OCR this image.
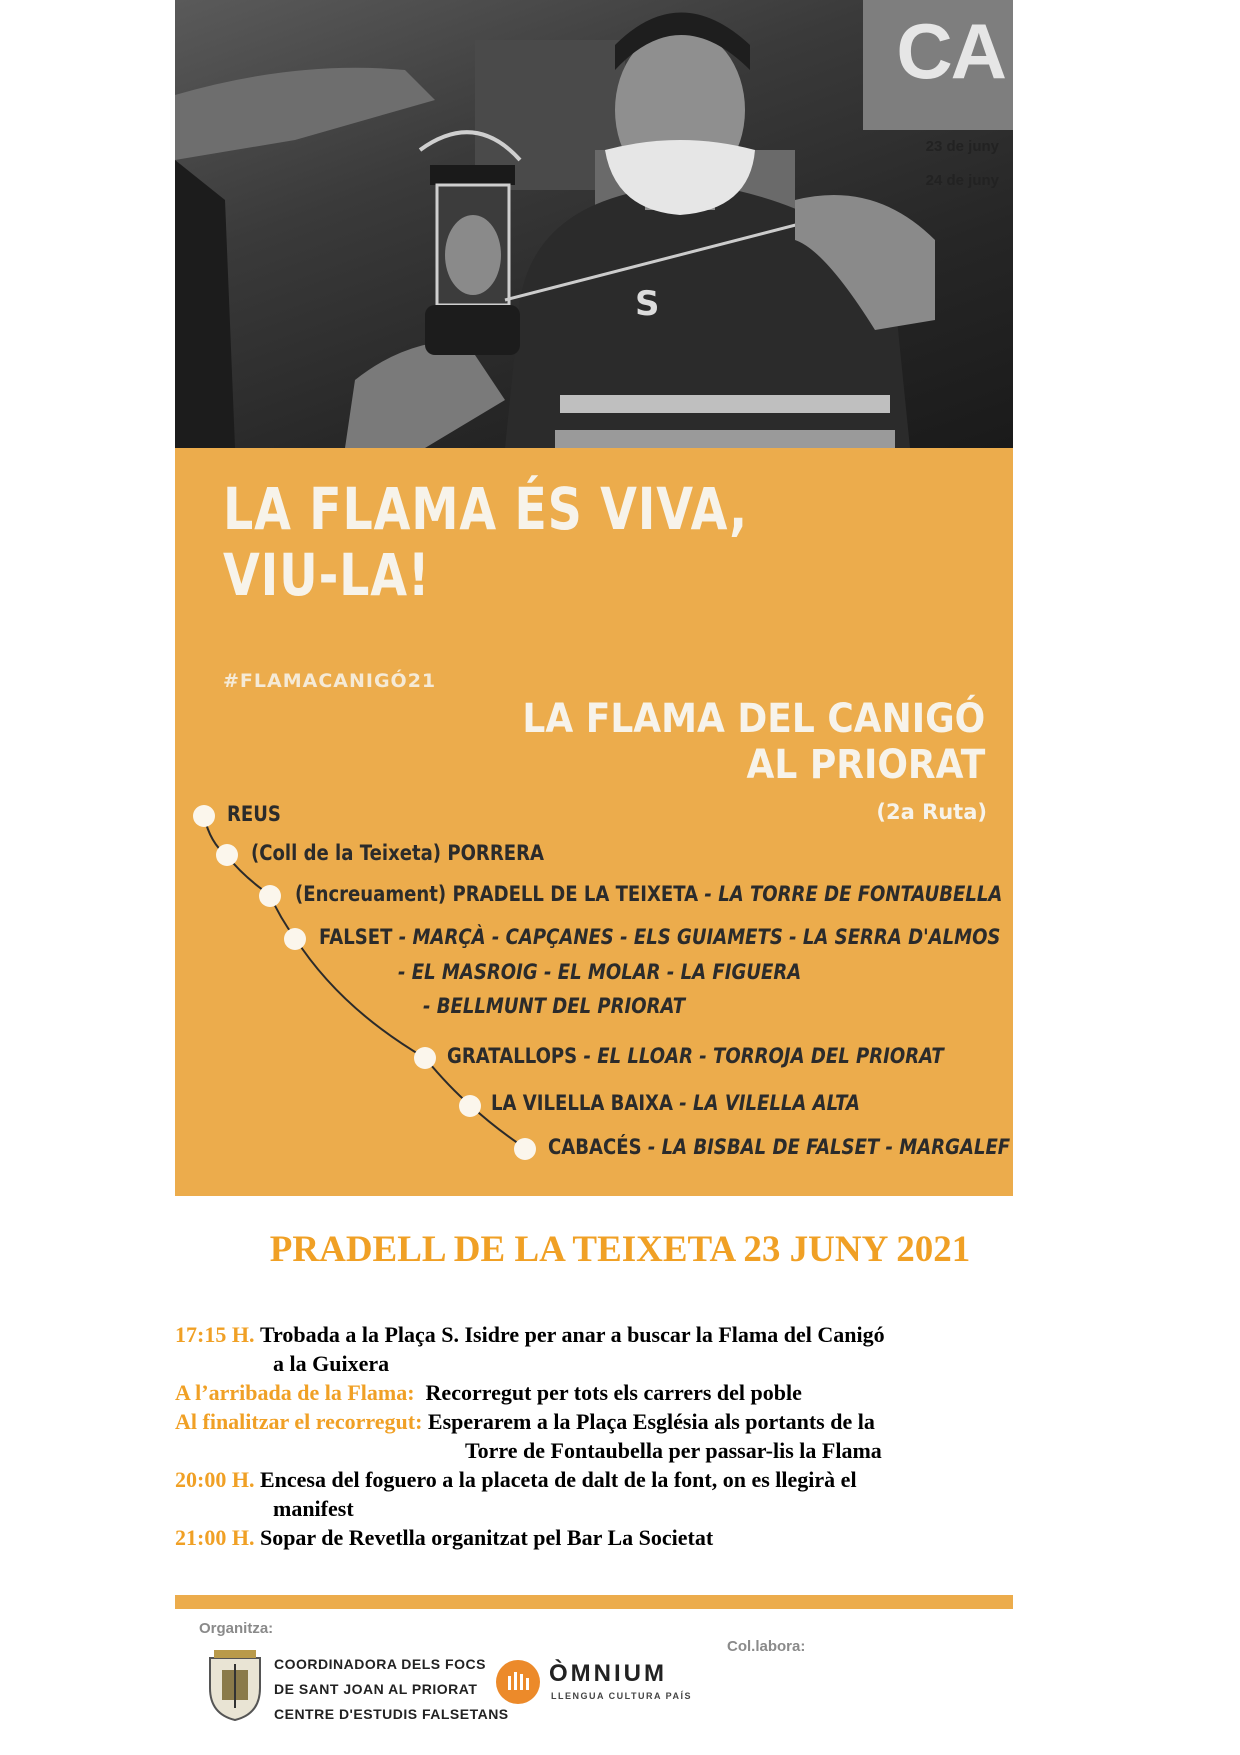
S
CA
23 de juny
24 de juny
LA FLAMA ÉS VIVA,
VIU-LA!
#FLAMACANIGÓ21
LA FLAMA DEL CANIGÓ
AL PRIORAT
(2a Ruta)
REUS
(Coll de la Teixeta) PORRERA
(Encreuament) PRADELL DE LA TEIXETA - LA TORRE DE FONTAUBELLA
FALSET - MARÇÀ - CAPÇANES - ELS GUIAMETS - LA SERRA D'ALMOS
- EL MASROIG - EL MOLAR - LA FIGUERA
- BELLMUNT DEL PRIORAT
GRATALLOPS - EL LLOAR - TORROJA DEL PRIORAT
LA VILELLA BAIXA - LA VILELLA ALTA
CABACÉS - LA BISBAL DE FALSET - MARGALEF
PRADELL DE LA TEIXETA 23 JUNY 2021
17:15 H. Trobada a la Plaça S. Isidre per anar a buscar la Flama del Canigó
a la Guixera
A l’arribada de la Flama:  Recorregut per tots els carrers del poble
Al finalitzar el recorregut: Esperarem a la Plaça Església als portants de la
Torre de Fontaubella per passar-lis la Flama
20:00 H. Encesa del foguero a la placeta de dalt de la font, on es llegirà el
manifest
21:00 H. Sopar de Revetlla organitzat pel Bar La Societat
Organitza:
Col.labora:
COORDINADORA DELS FOCS
DE SANT JOAN AL PRIORAT
CENTRE D'ESTUDIS FALSETANS
ÒMNIUM
LLENGUA CULTURA PAÍS
